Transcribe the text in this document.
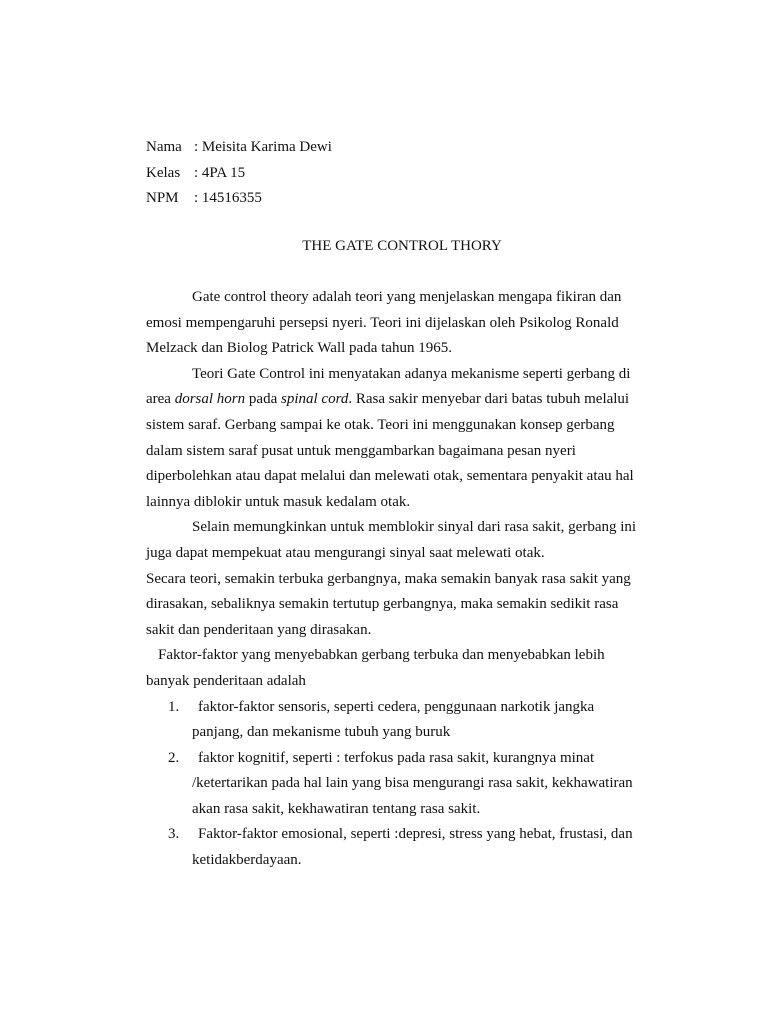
Nama : Meisita Karima Dewi
Kelas : 4PA 15
NPM	: 14516355
THE GATE CONTROL THORY
Gate control theory adalah teori yang menjelaskan mengapa fikiran dan
emosi mempengaruhi persepsi nyeri. Teori ini dijelaskan oleh Psikolog Ronald
Melzack dan Biolog Patrick Wall pada tahun 1965.
Teori Gate Control ini menyatakan adanya mekanisme seperti gerbang di
area dorsal horn pada spinal cord. Rasa sakir menyebar dari batas tubuh melalui
sistem saraf. Gerbang sampai ke otak. Teori ini menggunakan konsep gerbang
dalam sistem saraf pusat untuk menggambarkan bagaimana pesan nyeri
diperbolehkan atau dapat melalui dan melewati otak, sementara penyakit atau hal
lainnya diblokir untuk masuk kedalam otak.
Selain memungkinkan untuk memblokir sinyal dari rasa sakit, gerbang ini
juga dapat mempekuat atau mengurangi sinyal saat melewati otak.
Secara teori, semakin terbuka gerbangnya, maka semakin banyak rasa sakit yang
dirasakan, sebaliknya semakin tertutup gerbangnya, maka semakin sedikit rasa
sakit dan penderitaan yang dirasakan.
Faktor-faktor yang menyebabkan gerbang terbuka dan menyebabkan lebih
banyak penderitaan adalah
1.	faktor-faktor sensoris, seperti cedera, penggunaan narkotik jangka
panjang, dan mekanisme tubuh yang buruk
2.	faktor kognitif, seperti : terfokus pada rasa sakit, kurangnya minat
/ketertarikan pada hal lain yang bisa mengurangi rasa sakit, kekhawatiran
akan rasa sakit, kekhawatiran tentang rasa sakit.
3.	Faktor-faktor emosional, seperti :depresi, stress yang hebat, frustasi, dan
ketidakberdayaan.
